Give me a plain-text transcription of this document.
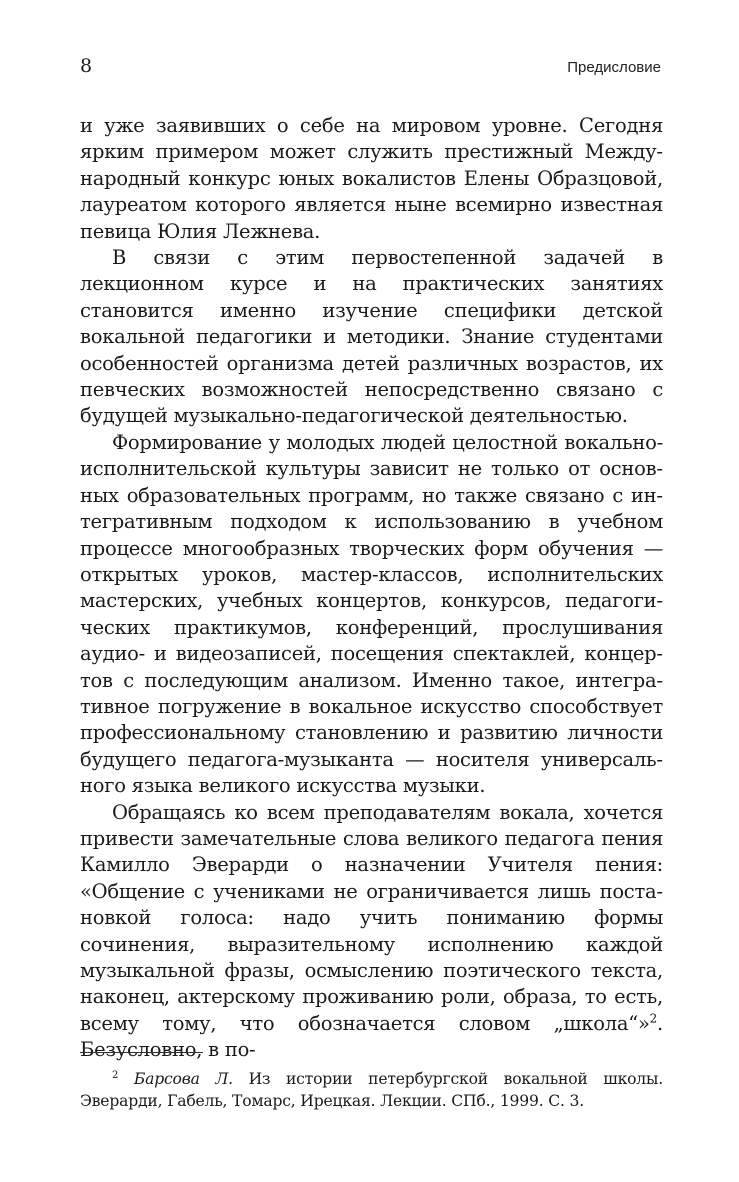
8	Предисловие

и уже заявивших о себе на мировом уровне. Сегодня ярким примером может служить престижный Международный конкурс юных вокалистов Елены Образцовой, лауреатом которого является ныне всемирно известная певица Юлия Лежнева.

В связи с этим первостепенной задачей в лекционном курсе и на практических занятиях становится именно изучение специфики детской вокальной педагогики и методики. Знание студентами особенностей организма детей различных возрастов, их певческих возможностей непосредственно связано с будущей музыкально-педагогической деятельностью.

Формирование у молодых людей целостной вокально-исполнительской культуры зависит не только от основных образовательных программ, но также связано с интегративным подходом к использованию в учебном процессе многообразных творческих форм обучения — открытых уроков, мастер-классов, исполнительских мастерских, учебных концертов, конкурсов, педагогических практикумов, конференций, прослушивания аудио- и видеозаписей, посещения спектаклей, концертов с последующим анализом. Именно такое, интегративное погружение в вокальное искусство способствует профессиональному становлению и развитию личности будущего педагога-музыканта — носителя универсального языка великого искусства музыки.

Обращаясь ко всем преподавателям вокала, хочется привести замечательные слова великого педагога пения Камилло Эверарди о назначении Учителя пения: «Общение с учениками не ограничивается лишь постановкой голоса: надо учить пониманию формы сочинения, выразительному исполнению каждой музыкальной фразы, осмыслению поэтического текста, наконец, актерскому проживанию роли, образа, то есть, всему тому, что обозначается словом „школа“»$^2$. Безусловно, в по-

$^2$ Барсова Л. Из истории петербургской вокальной школы. Эверарди, Габель, Томарс, Ирецкая. Лекции. СПб., 1999. С. 3.
